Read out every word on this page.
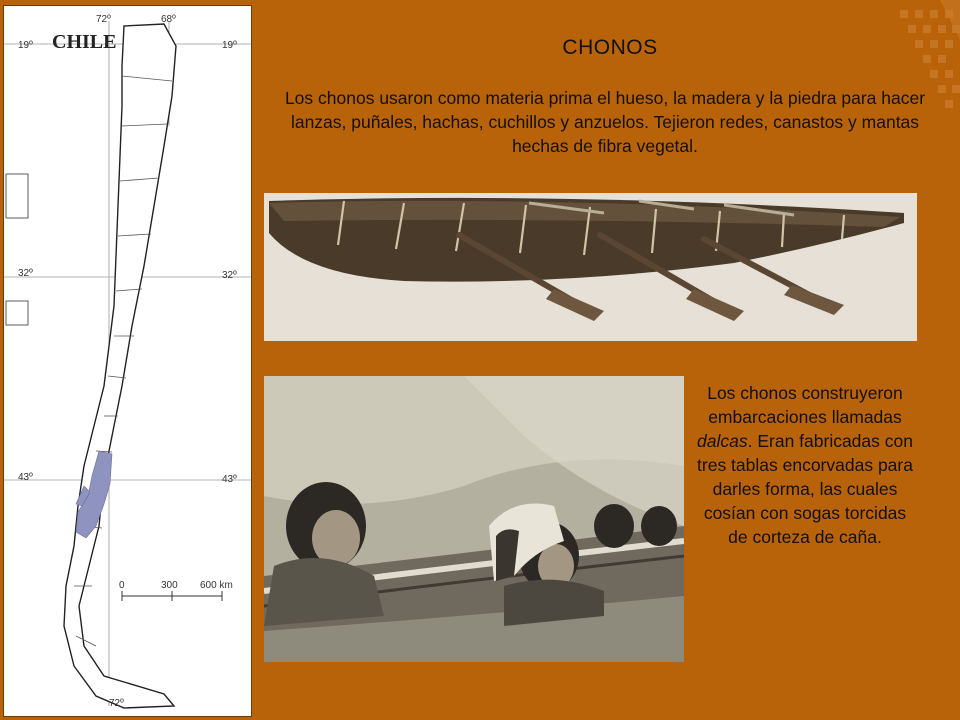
CHILE
72º	68º
19º	19º
32º	32º
43º	43º
72º
0	300 600 km
CHONOS
Los chonos usaron como materia prima el hueso, la madera y la piedra para hacer lanzas, puñales, hachas, cuchillos y anzuelos. Tejieron redes, canastos y mantas hechas de fibra vegetal.
Los chonos construyeron embarcaciones llamadas dalcas. Eran fabricadas con tres tablas encorvadas para darles forma, las cuales cosían con sogas torcidas de corteza de caña.
